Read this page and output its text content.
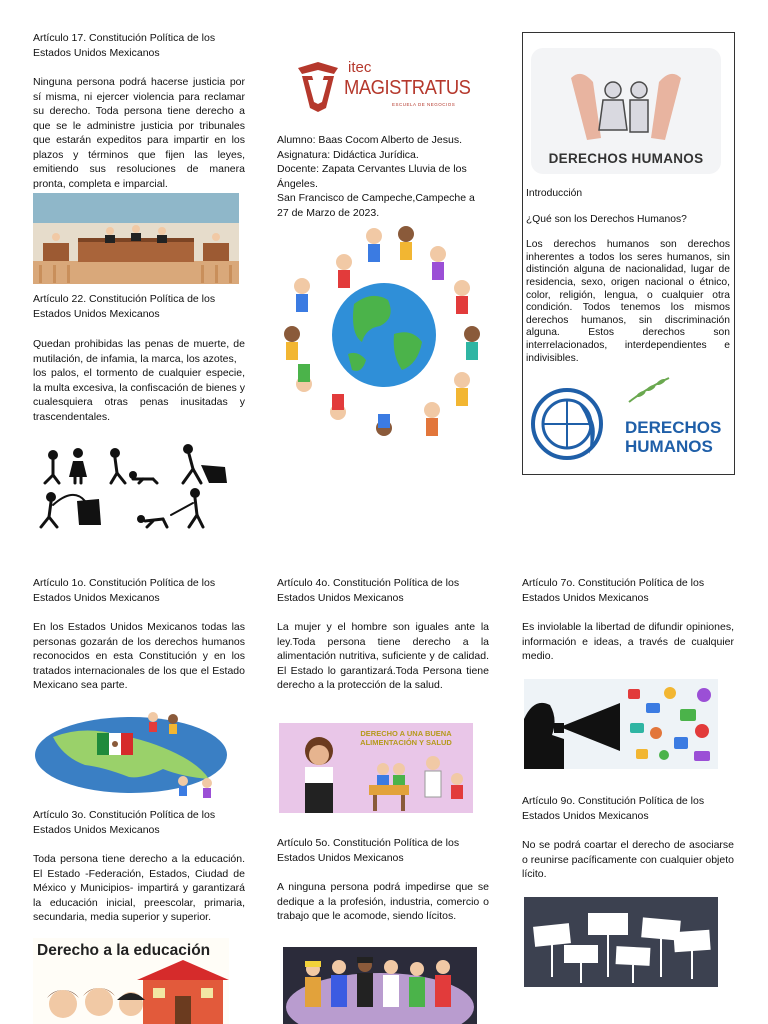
Artículo 17. Constitución Política de los
Estados Unidos Mexicanos
Ninguna persona podrá hacerse justicia por sí misma, ni ejercer violencia para reclamar su derecho. Toda persona tiene derecho a que se le administre justicia por tribunales que estarán expeditos para impartir en los plazos y términos que fijen las leyes, emitiendo sus resoluciones de manera pronta, completa e imparcial.
Artículo 22. Constitución Política de los
Estados Unidos Mexicanos
Quedan prohibidas las penas de muerte, de mutilación, de infamia, la marca, los azotes,
los palos, el tormento de cualquier especie, la multa excesiva, la confiscación de bienes y cualesquiera otras penas inusitadas y trascendentales.
itec
MAGISTRATUS
ESCUELA DE NEGOCIOS
Alumno: Baas Cocom Alberto de Jesus.
Asignatura: Didáctica Jurídica.
Docente: Zapata Cervantes Lluvia de los Ángeles.
San Francisco de Campeche,Campeche a 27 de Marzo de 2023.
DERECHOS HUMANOS

Introducción

¿Qué son los Derechos Humanos?

Los derechos humanos son derechos inherentes a todos los seres humanos, sin distinción alguna de nacionalidad, lugar de residencia, sexo, origen nacional o étnico, color, religión, lengua, o cualquier otra condición. Todos tenemos los mismos derechos humanos, sin discriminación alguna. Estos derechos son interrelacionados, interdependientes e indivisibles.

DERECHOS
HUMANOS
Artículo 1o. Constitución Política de los
Estados Unidos Mexicanos
En los Estados Unidos Mexicanos todas las personas gozarán de los derechos humanos reconocidos en esta Constitución y en los tratados internacionales de los que el Estado Mexicano sea parte.
Artículo 3o. Constitución Política de los
Estados Unidos Mexicanos
Toda persona tiene derecho a la educación. El Estado -Federación, Estados, Ciudad de México y Municipios- impartirá y garantizará la educación inicial, preescolar, primaria, secundaria, media superior y superior.
Derecho a la educación
Artículo 4o. Constitución Política de los
Estados Unidos Mexicanos
La mujer y el hombre son iguales ante la ley.Toda persona tiene derecho a la alimentación nutritiva, suficiente y de calidad. El Estado lo garantizará.Toda Persona tiene derecho a la protección de la salud.
DERECHO A UNA BUENA ALIMENTACIÓN Y SALUD
Artículo 5o. Constitución Política de los
Estados Unidos Mexicanos
A ninguna persona podrá impedirse que se dedique a la profesión, industria, comercio o trabajo que le acomode, siendo lícitos.
Artículo 7o. Constitución Política de los
Estados Unidos Mexicanos
Es inviolable la libertad de difundir opiniones, información e ideas, a través de cualquier medio.
Artículo 9o. Constitución Política de los
Estados Unidos Mexicanos
No se podrá coartar el derecho de asociarse o reunirse pacíficamente con cualquier objeto lícito.
